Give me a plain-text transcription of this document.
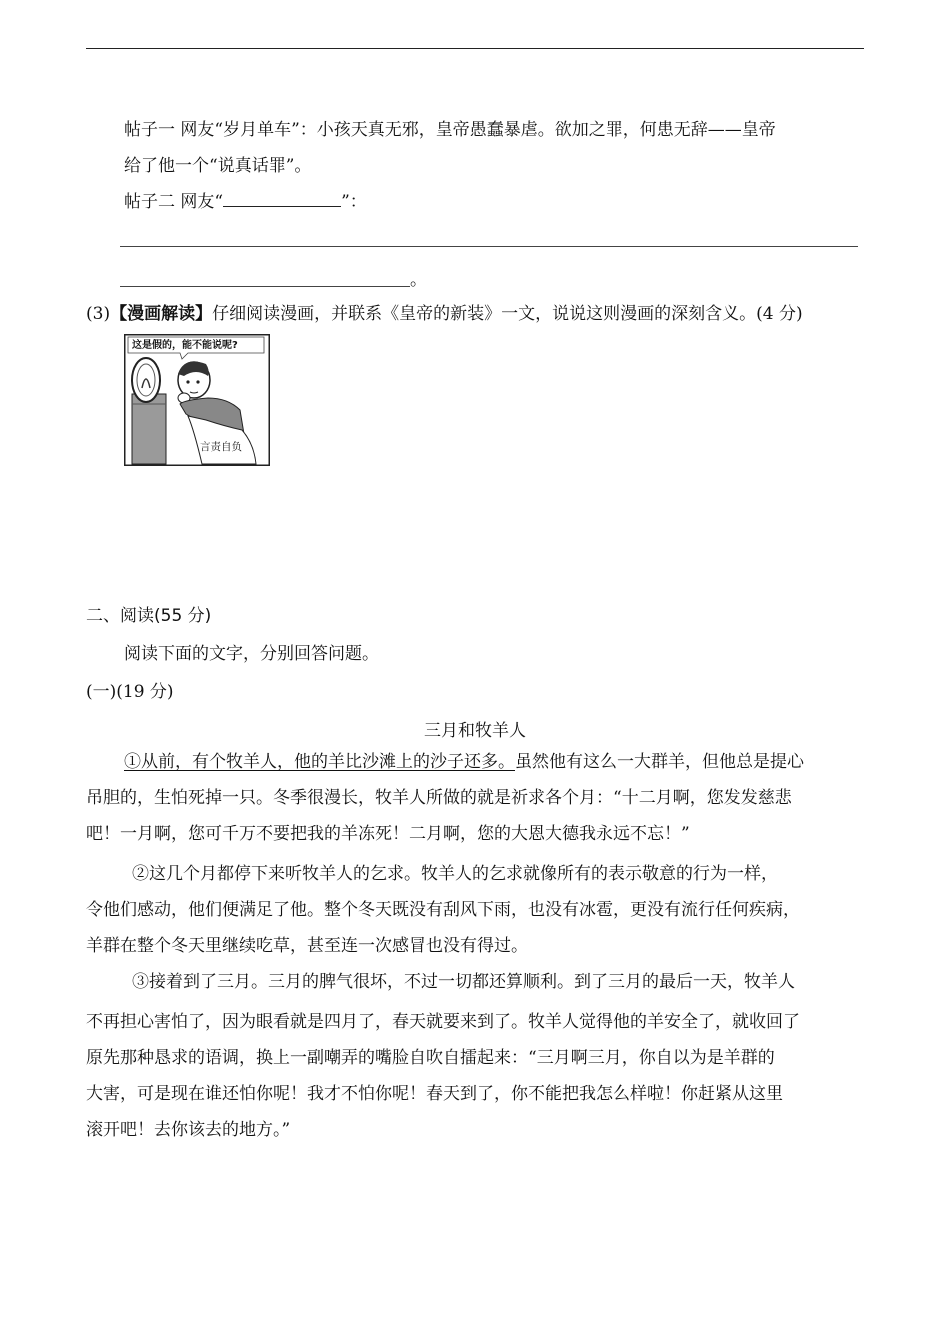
帖子一 网友“岁月单车”：小孩天真无邪，皇帝愚蠢暴虐。欲加之罪，何患无辞——皇帝
给了他一个“说真话罪”。
帖子二 网友“	”：
。
(3)【漫画解读】仔细阅读漫画，并联系《皇帝的新装》一文，说说这则漫画的深刻含义。(4 分)
这是假的，能不能说呢?
言责自负
二、阅读(55 分)
阅读下面的文字，分别回答问题。
(一)(19 分)
三月和牧羊人
①从前，有个牧羊人，他的羊比沙滩上的沙子还多。虽然他有这么一大群羊，但他总是提心
吊胆的，生怕死掉一只。冬季很漫长，牧羊人所做的就是祈求各个月：“十二月啊，您发发慈悲
吧！一月啊，您可千万不要把我的羊冻死！二月啊，您的大恩大德我永远不忘！”
②这几个月都停下来听牧羊人的乞求。牧羊人的乞求就像所有的表示敬意的行为一样，
令他们感动，他们便满足了他。整个冬天既没有刮风下雨，也没有冰雹，更没有流行任何疾病，
羊群在整个冬天里继续吃草，甚至连一次感冒也没有得过。
③接着到了三月。三月的脾气很坏，不过一切都还算顺利。到了三月的最后一天，牧羊人
不再担心害怕了，因为眼看就是四月了，春天就要来到了。牧羊人觉得他的羊安全了，就收回了
原先那种恳求的语调，换上一副嘲弄的嘴脸自吹自擂起来：“三月啊三月，你自以为是羊群的
大害，可是现在谁还怕你呢！我才不怕你呢！春天到了，你不能把我怎么样啦！你赶紧从这里
滚开吧！去你该去的地方。”
